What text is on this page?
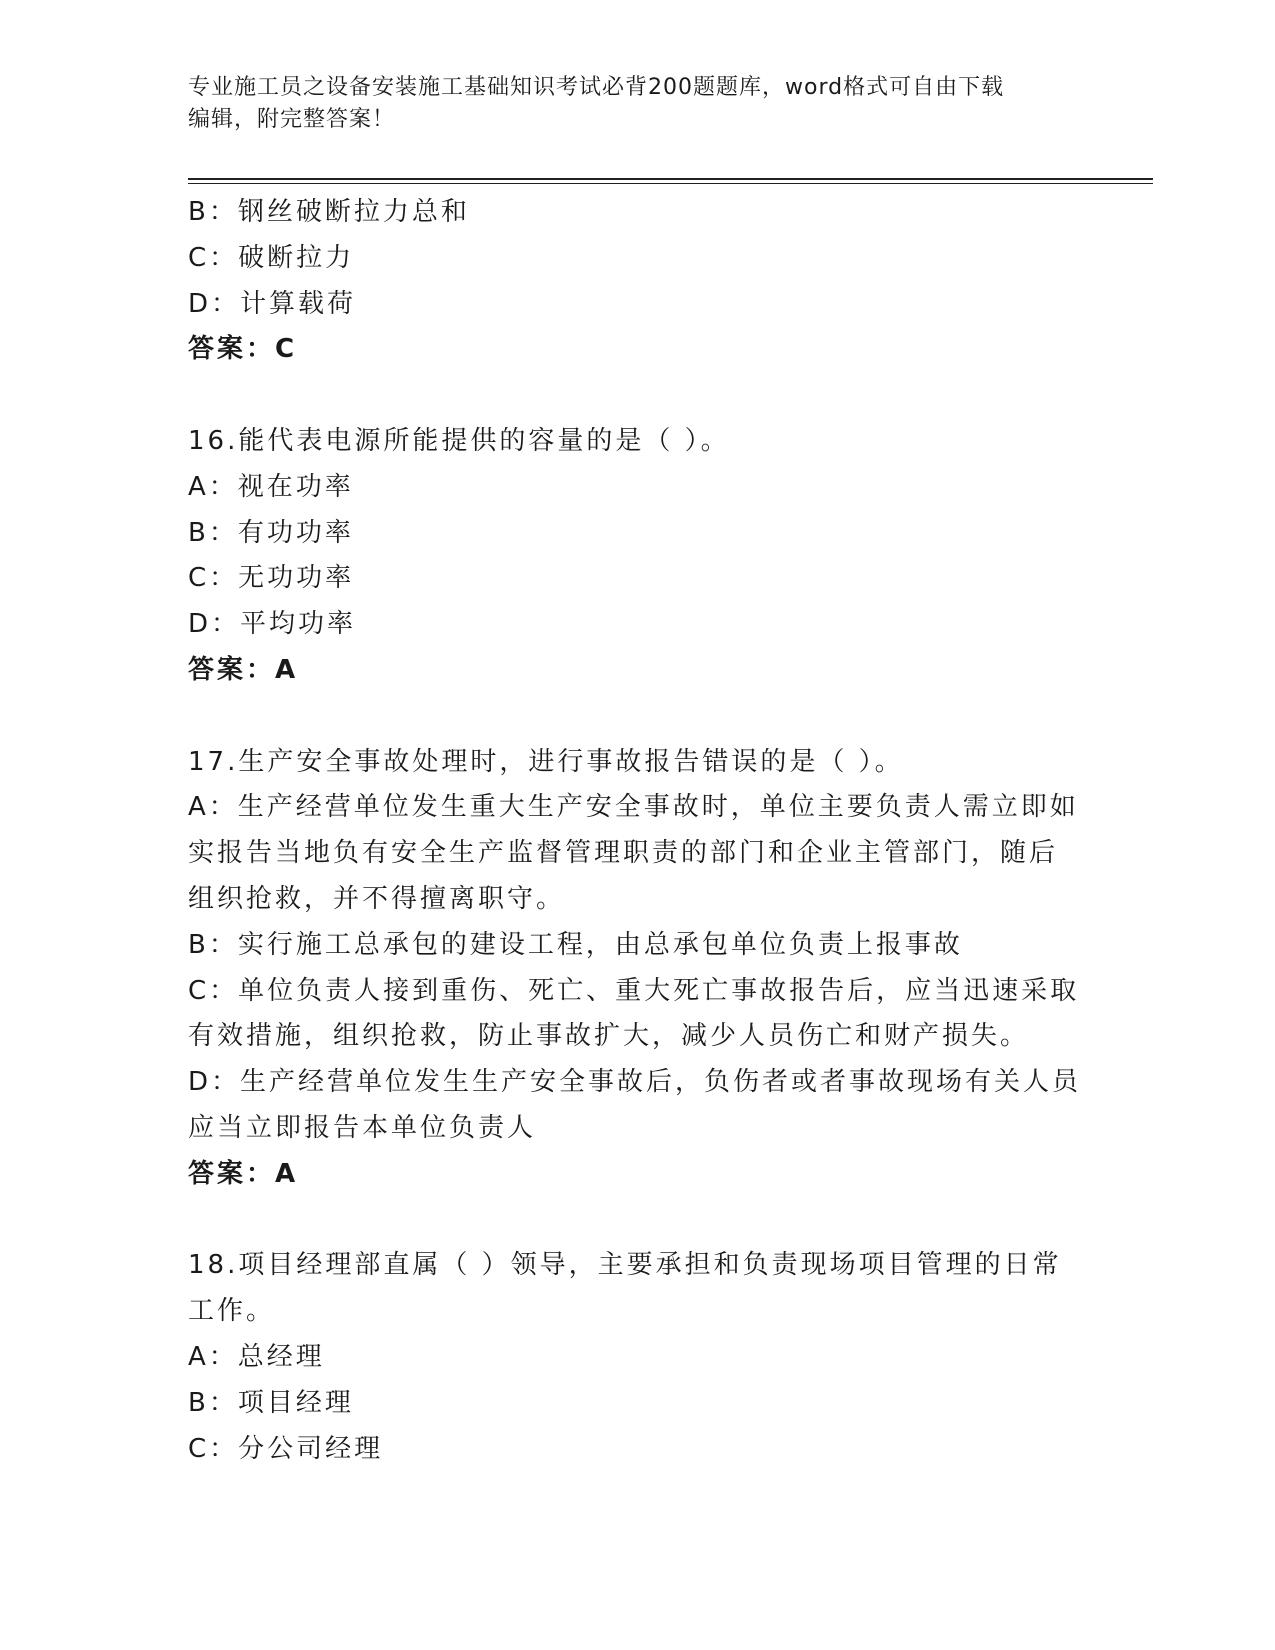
专业施工员之设备安装施工基础知识考试必背200题题库，word格式可自由下载
编辑，附完整答案！
B：钢丝破断拉力总和
C：破断拉力
D：计算载荷
答案：C
16.能代表电源所能提供的容量的是（ ）。
A：视在功率
B：有功功率
C：无功功率
D：平均功率
答案：A
17.生产安全事故处理时，进行事故报告错误的是（ ）。
A：生产经营单位发生重大生产安全事故时，单位主要负责人需立即如
实报告当地负有安全生产监督管理职责的部门和企业主管部门，随后
组织抢救，并不得擅离职守。
B：实行施工总承包的建设工程，由总承包单位负责上报事故
C：单位负责人接到重伤、死亡、重大死亡事故报告后，应当迅速采取
有效措施，组织抢救，防止事故扩大，减少人员伤亡和财产损失。
D：生产经营单位发生生产安全事故后，负伤者或者事故现场有关人员
应当立即报告本单位负责人
答案：A
18.项目经理部直属（ ）领导，主要承担和负责现场项目管理的日常
工作。
A：总经理
B：项目经理
C：分公司经理
